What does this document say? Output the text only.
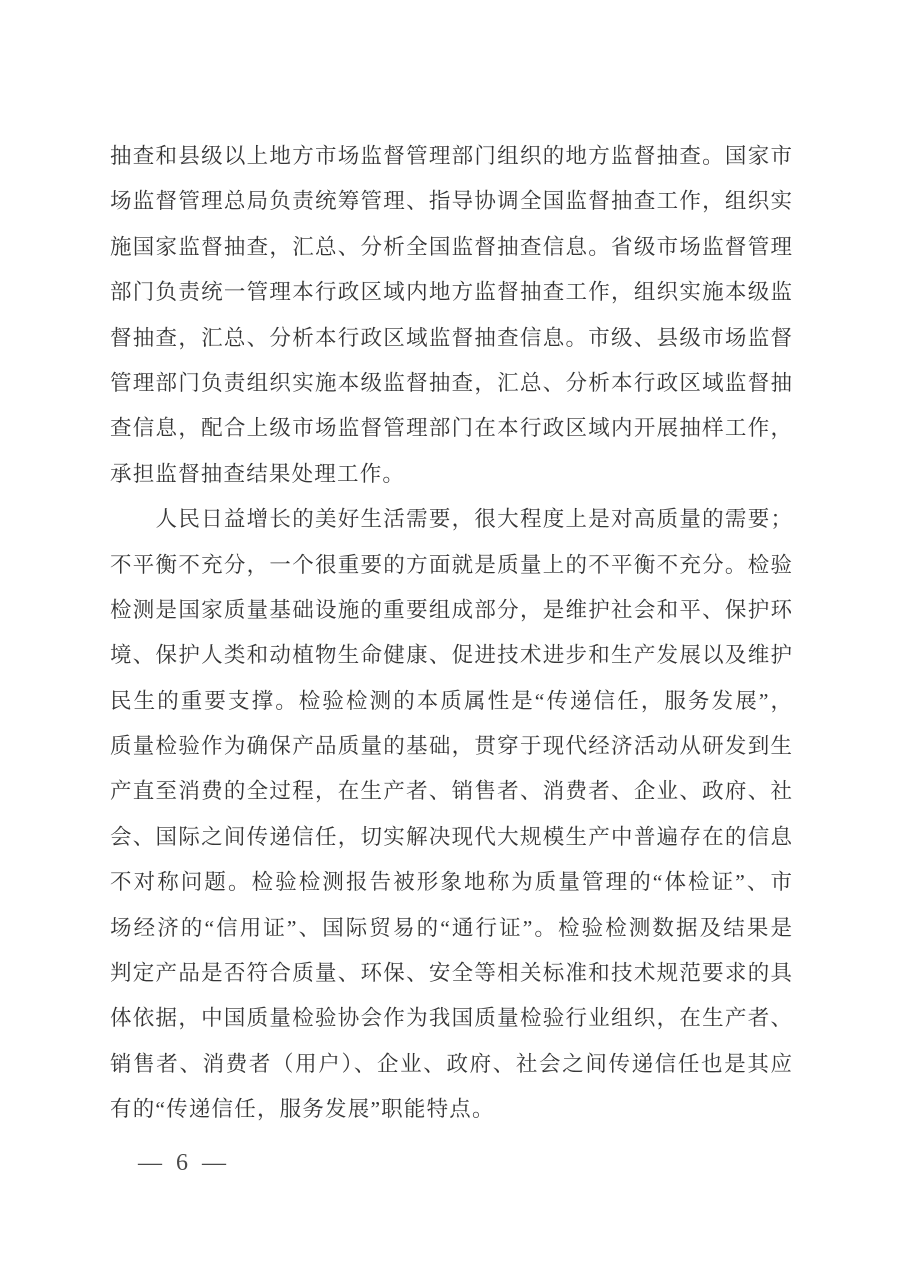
抽查和县级以上地方市场监督管理部门组织的地方监督抽查。国家市
场监督管理总局负责统筹管理、指导协调全国监督抽查工作，组织实
施国家监督抽查，汇总、分析全国监督抽查信息。省级市场监督管理
部门负责统一管理本行政区域内地方监督抽查工作，组织实施本级监
督抽查，汇总、分析本行政区域监督抽查信息。市级、县级市场监督
管理部门负责组织实施本级监督抽查，汇总、分析本行政区域监督抽
查信息，配合上级市场监督管理部门在本行政区域内开展抽样工作，
承担监督抽查结果处理工作。
　　人民日益增长的美好生活需要，很大程度上是对高质量的需要；
不平衡不充分，一个很重要的方面就是质量上的不平衡不充分。检验
检测是国家质量基础设施的重要组成部分，是维护社会和平、保护环
境、保护人类和动植物生命健康、促进技术进步和生产发展以及维护
民生的重要支撑。检验检测的本质属性是“传递信任，服务发展”，
质量检验作为确保产品质量的基础，贯穿于现代经济活动从研发到生
产直至消费的全过程，在生产者、销售者、消费者、企业、政府、社
会、国际之间传递信任，切实解决现代大规模生产中普遍存在的信息
不对称问题。检验检测报告被形象地称为质量管理的“体检证”、市
场经济的“信用证”、国际贸易的“通行证”。检验检测数据及结果是
判定产品是否符合质量、环保、安全等相关标准和技术规范要求的具
体依据，中国质量检验协会作为我国质量检验行业组织，在生产者、
销售者、消费者（用户）、企业、政府、社会之间传递信任也是其应
有的“传递信任，服务发展”职能特点。
— 6 —
